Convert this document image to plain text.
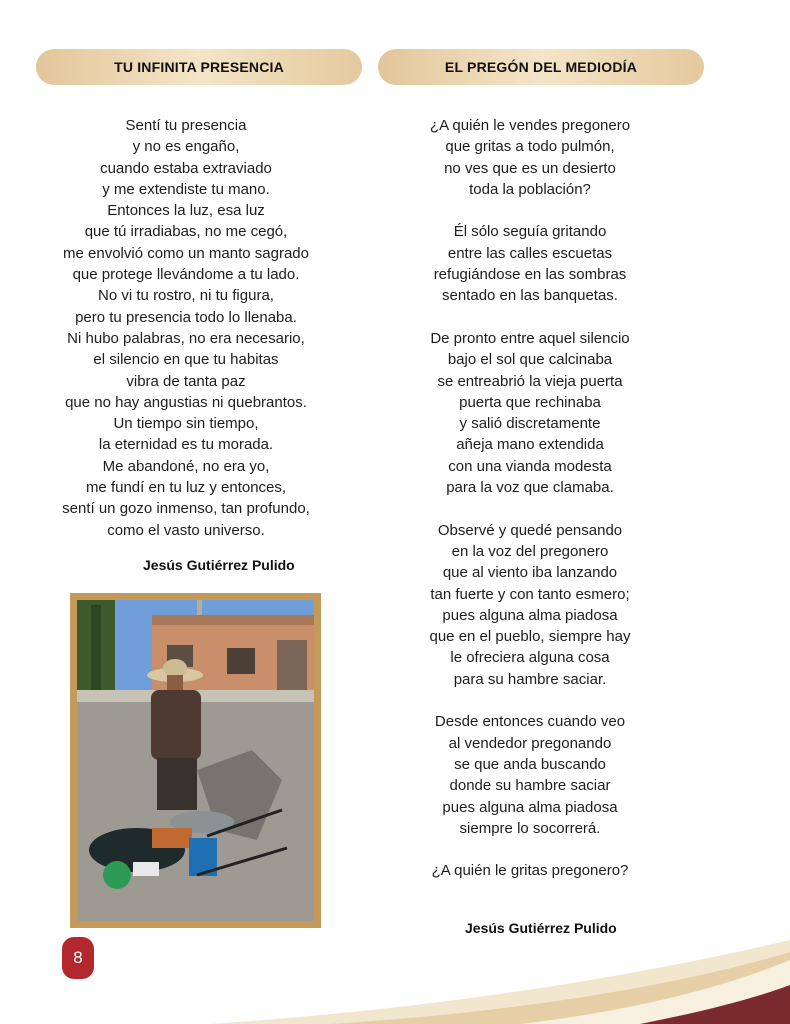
TU INFINITA PRESENCIA	EL PREGÓN DEL MEDIODÍA
Sentí tu presencia
y no es engaño,
cuando estaba extraviado
y me extendiste tu mano.
Entonces la luz, esa luz
que tú irradiabas, no me cegó,
me envolvió como un manto sagrado
que protege llevándome a tu lado.
No vi tu rostro, ni tu figura,
pero tu presencia todo lo llenaba.
Ni hubo palabras, no era necesario,
el silencio en que tu habitas
vibra de tanta paz
que no hay angustias ni quebrantos.
Un tiempo sin tiempo,
la eternidad es tu morada.
Me abandoné, no era yo,
me fundí en tu luz y entonces,
sentí un gozo inmenso, tan profundo,
como el vasto universo.
¿A quién le vendes pregonero
que gritas a todo pulmón,
no ves que es un desierto
toda la población?
Él sólo seguía gritando
entre las calles escuetas
refugiándose en las sombras
sentado en las banquetas.
De pronto entre aquel silencio
bajo el sol que calcinaba
se entreabrió la vieja puerta
puerta que rechinaba
y salió discretamente
añeja mano extendida
con una vianda modesta
para la voz que clamaba.
Observé y quedé pensando
en la voz del pregonero
que al viento iba lanzando
tan fuerte y con tanto esmero;
pues alguna alma piadosa
que en el pueblo, siempre hay
le ofreciera alguna cosa
para su hambre saciar.
Desde entonces cuando veo
al vendedor pregonando
se que anda buscando
donde su hambre saciar
pues alguna alma piadosa
siempre lo socorrerá.
¿A quién le gritas pregonero?
Jesús Gutiérrez Pulido
Jesús Gutiérrez Pulido
8
